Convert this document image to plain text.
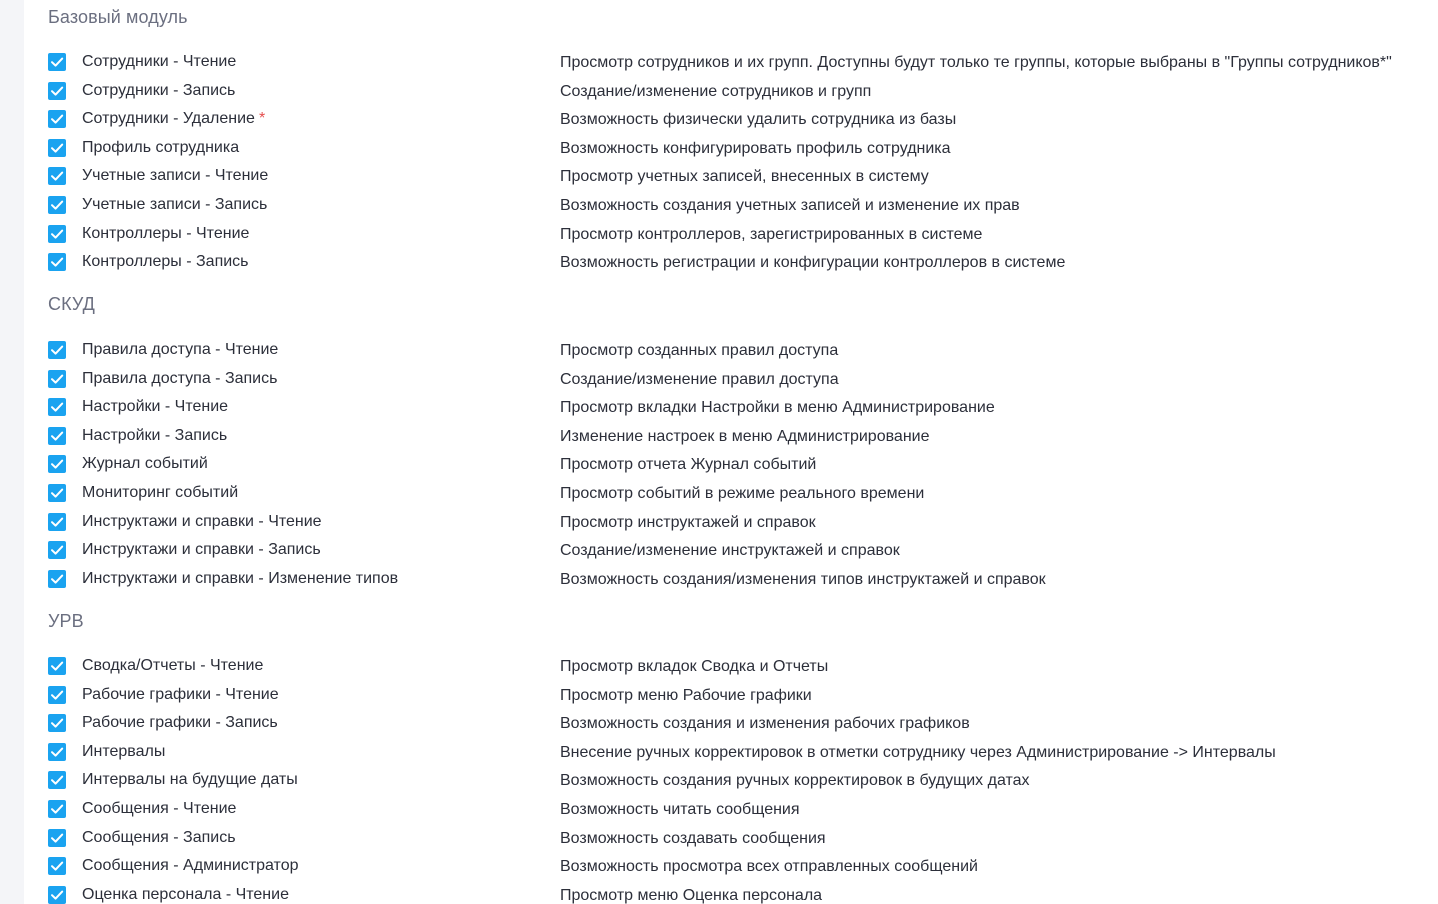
Базовый модуль
Сотрудники - Чтение	Просмотр сотрудников и их групп. Доступны будут только те группы, которые выбраны в "Группы сотрудников*"
Сотрудники - Запись	Создание/изменение сотрудников и групп
Сотрудники - Удаление *	Возможность физически удалить сотрудника из базы
Профиль сотрудника	Возможность конфигурировать профиль сотрудника
Учетные записи - Чтение	Просмотр учетных записей, внесенных в систему
Учетные записи - Запись	Возможность создания учетных записей и изменение их прав
Контроллеры - Чтение	Просмотр контроллеров, зарегистрированных в системе
Контроллеры - Запись	Возможность регистрации и конфигурации контроллеров в системе
СКУД
Правила доступа - Чтение	Просмотр созданных правил доступа
Правила доступа - Запись	Создание/изменение правил доступа
Настройки - Чтение	Просмотр вкладки Настройки в меню Администрирование
Настройки - Запись	Изменение настроек в меню Администрирование
Журнал событий	Просмотр отчета Журнал событий
Мониторинг событий	Просмотр событий в режиме реального времени
Инструктажи и справки - Чтение	Просмотр инструктажей и справок
Инструктажи и справки - Запись	Создание/изменение инструктажей и справок
Инструктажи и справки - Изменение типов	Возможность создания/изменения типов инструктажей и справок
УРВ
Сводка/Отчеты - Чтение	Просмотр вкладок Сводка и Отчеты
Рабочие графики - Чтение	Просмотр меню Рабочие графики
Рабочие графики - Запись	Возможность создания и изменения рабочих графиков
Интервалы	Внесение ручных корректировок в отметки сотруднику через Администрирование -> Интервалы
Интервалы на будущие даты	Возможность создания ручных корректировок в будущих датах
Сообщения - Чтение	Возможность читать сообщения
Сообщения - Запись	Возможность создавать сообщения
Сообщения - Администратор	Возможность просмотра всех отправленных сообщений
Оценка персонала - Чтение	Просмотр меню Оценка персонала
